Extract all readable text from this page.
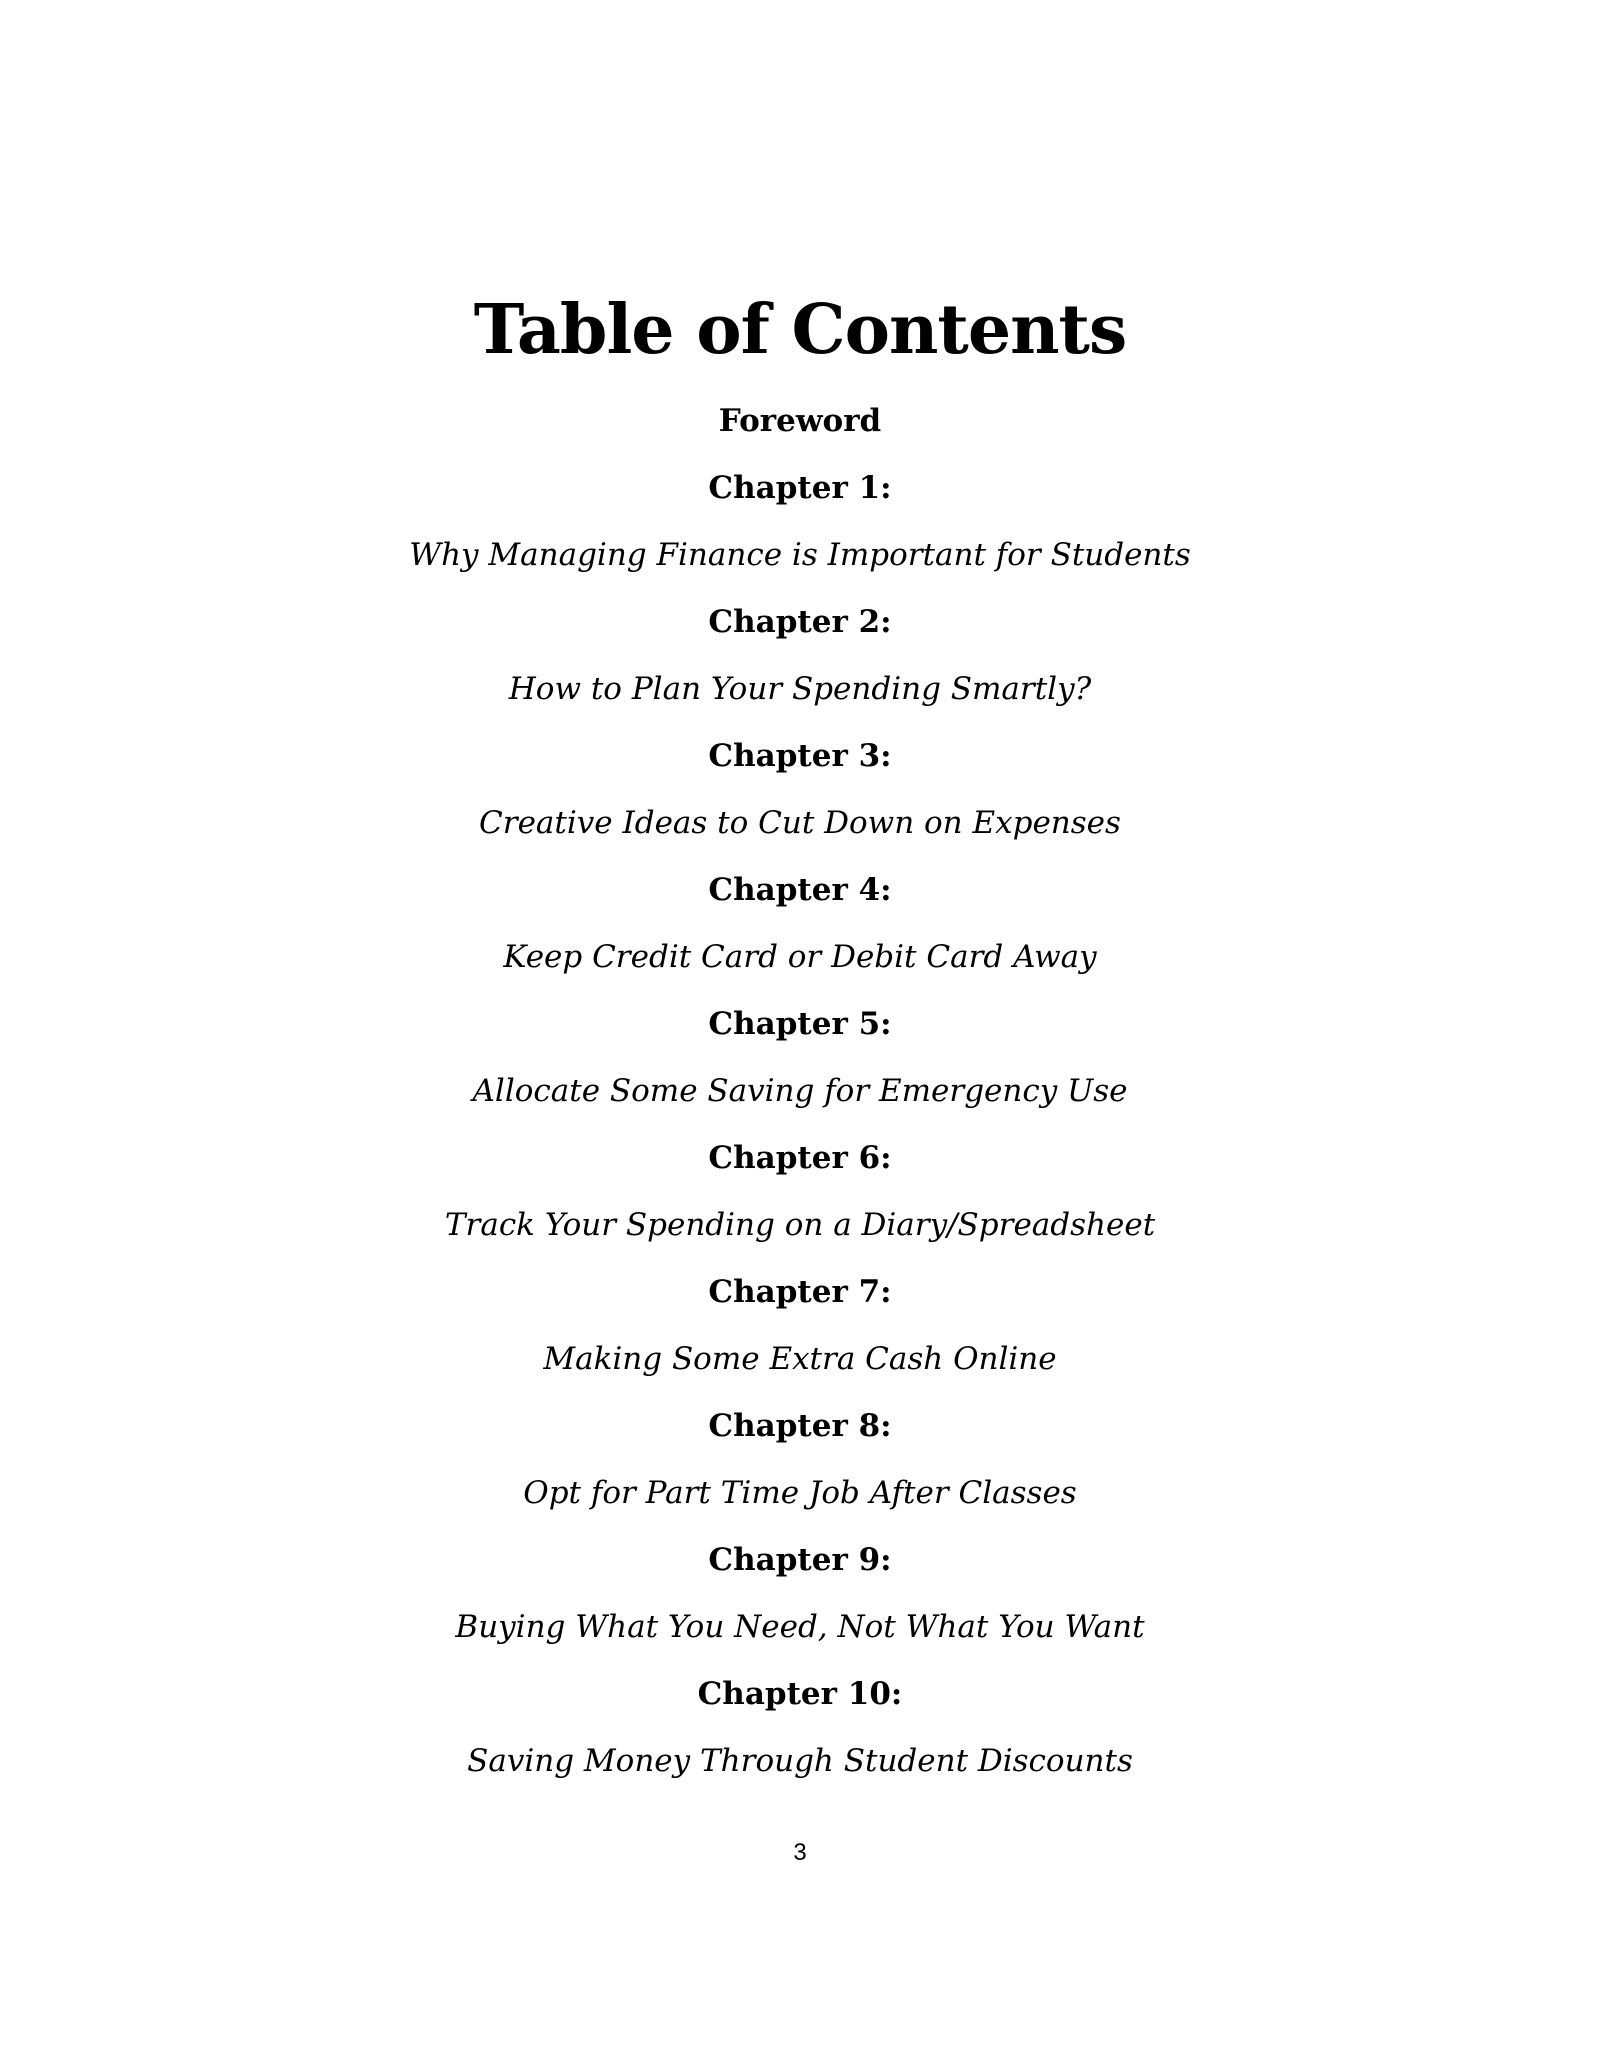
Table of Contents
Foreword
Chapter 1:
Why Managing Finance is Important for Students
Chapter 2:
How to Plan Your Spending Smartly?
Chapter 3:
Creative Ideas to Cut Down on Expenses
Chapter 4:
Keep Credit Card or Debit Card Away
Chapter 5:
Allocate Some Saving for Emergency Use
Chapter 6:
Track Your Spending on a Diary/Spreadsheet
Chapter 7:
Making Some Extra Cash Online
Chapter 8:
Opt for Part Time Job After Classes
Chapter 9:
Buying What You Need, Not What You Want
Chapter 10:
Saving Money Through Student Discounts
3
